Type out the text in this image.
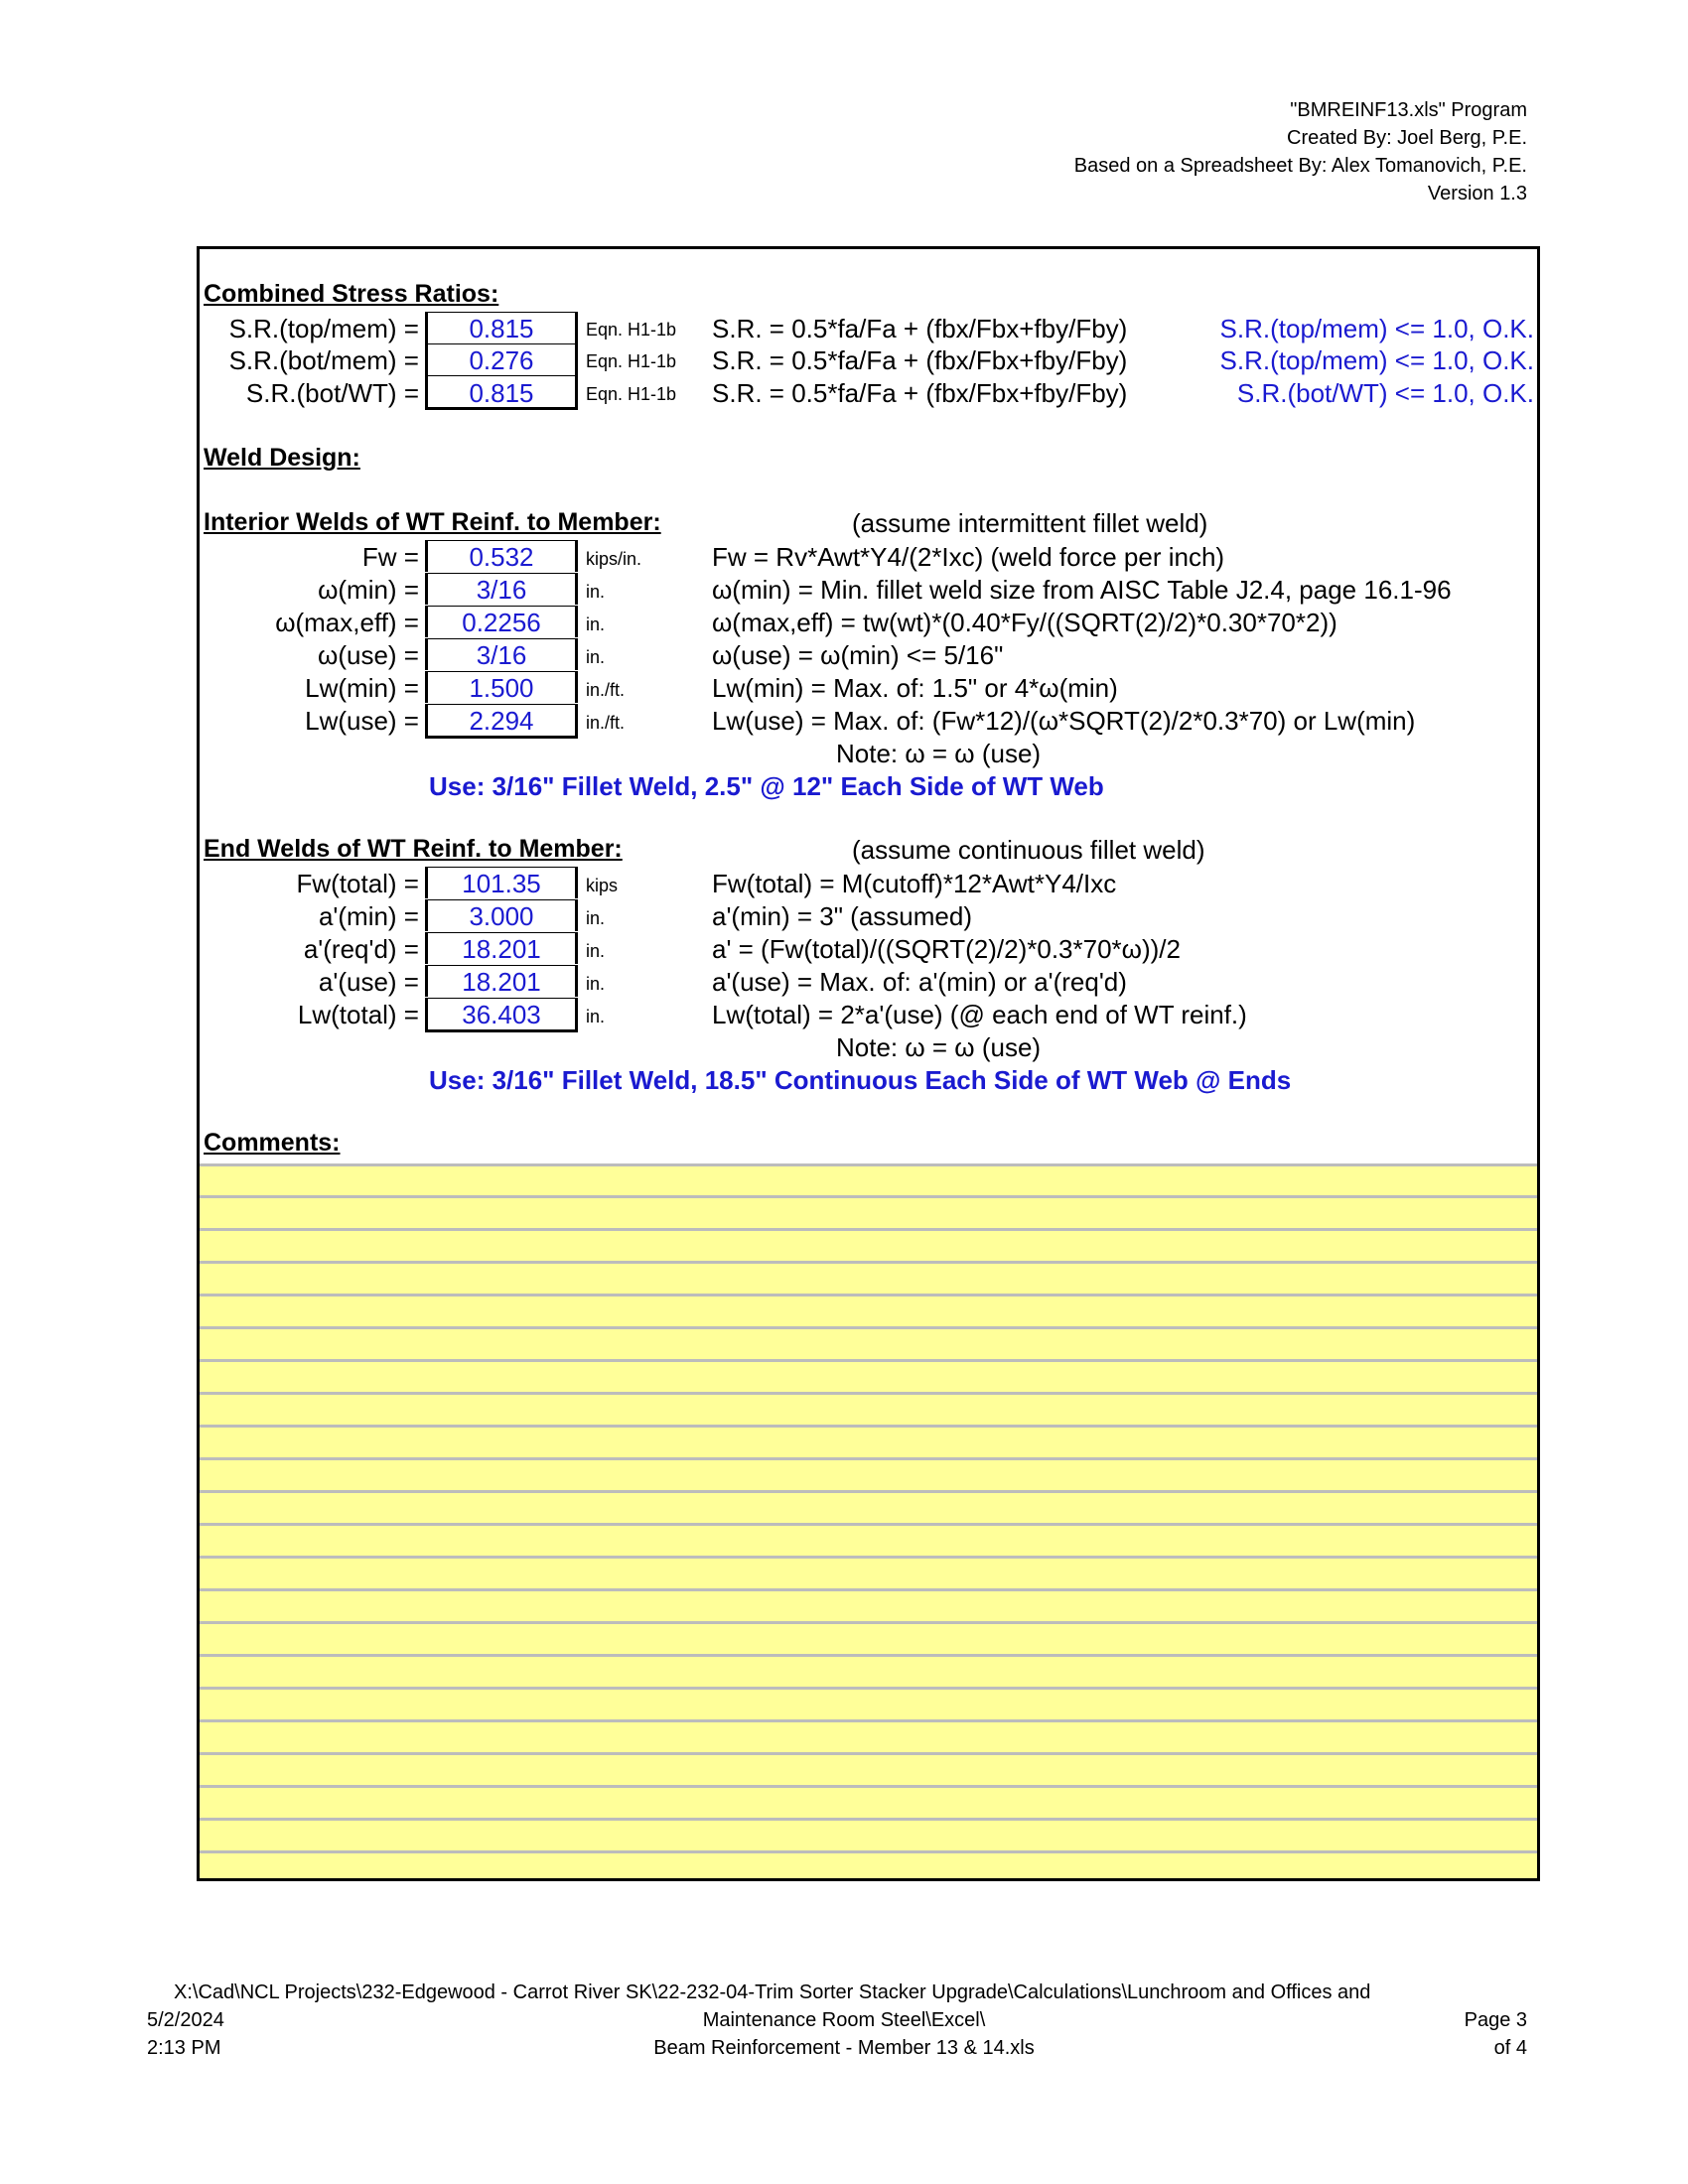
"BMREINF13.xls" Program
Created By: Joel Berg, P.E.
Based on a Spreadsheet By: Alex Tomanovich, P.E.
Version 1.3
Combined Stress Ratios:
S.R.(top/mem) =	0.815	Eqn. H1-1b S.R. = 0.5*fa/Fa + (fbx/Fbx+fby/Fby)	S.R.(top/mem) <= 1.0, O.K.
S.R.(bot/mem) =	0.276	Eqn. H1-1b S.R. = 0.5*fa/Fa + (fbx/Fbx+fby/Fby)	S.R.(top/mem) <= 1.0, O.K.
S.R.(bot/WT) =	0.815	Eqn. H1-1b S.R. = 0.5*fa/Fa + (fbx/Fbx+fby/Fby)	S.R.(bot/WT) <= 1.0, O.K.
Weld Design:
Interior Welds of WT Reinf. to Member:	(assume intermittent fillet weld)
Fw =	0.532	kips/in.	Fw = Rv*Awt*Y4/(2*Ixc) (weld force per inch)
ω(min) =	3/16	in.	ω(min) = Min. fillet weld size from AISC Table J2.4, page 16.1-96
ω(max,eff) =	0.2256	in.	ω(max,eff) = tw(wt)*(0.40*Fy/((SQRT(2)/2)*0.30*70*2))
ω(use) =	3/16	in.	ω(use) = ω(min) <= 5/16"
Lw(min) =	1.500	in./ft.	Lw(min) = Max. of: 1.5" or 4*ω(min)
Lw(use) =	2.294	in./ft.	Lw(use) = Max. of: (Fw*12)/(ω*SQRT(2)/2*0.3*70) or Lw(min)
Note: ω = ω (use)
Use: 3/16" Fillet Weld, 2.5" @ 12" Each Side of WT Web
End Welds of WT Reinf. to Member:	(assume continuous fillet weld)
Fw(total) =	101.35	kips	Fw(total) = M(cutoff)*12*Awt*Y4/Ixc
a'(min) =	3.000	in.	a'(min) = 3" (assumed)
a'(req'd) =	18.201	in.	a' = (Fw(total)/((SQRT(2)/2)*0.3*70*ω))/2
a'(use) =	18.201	in.	a'(use) = Max. of: a'(min) or a'(req'd)
Lw(total) =	36.403	in.	Lw(total) = 2*a'(use) (@ each end of WT reinf.)
Note: ω = ω (use)
Use: 3/16" Fillet Weld, 18.5" Continuous Each Side of WT Web @ Ends
Comments:
X:\Cad\NCL Projects\232-Edgewood - Carrot River SK\22-232-04-Trim Sorter Stacker Upgrade\Calculations\Lunchroom and Offices and
5/2/2024	Maintenance Room Steel\Excel\	Page 3
2:13 PM	Beam Reinforcement - Member 13 & 14.xls	of 4
